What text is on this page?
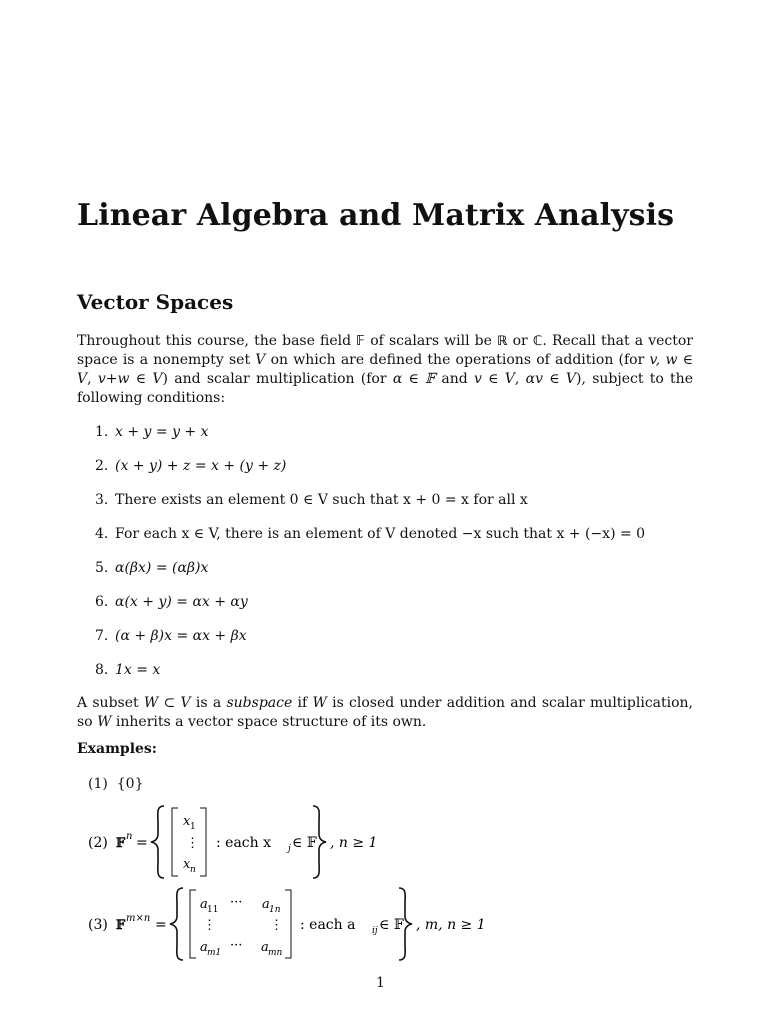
Linear Algebra and Matrix Analysis
Vector Spaces
Throughout this course, the base field 𝔽 of scalars will be ℝ or ℂ. Recall that a vector space is a nonempty set V on which are defined the operations of addition (for v, w ∈ V, v+w ∈ V) and scalar multiplication (for α ∈ 𝔽 and v ∈ V, αv ∈ V), subject to the following conditions:
1. x + y = y + x
2. (x + y) + z = x + (y + z)
3. There exists an element 0 ∈ V such that x + 0 = x for all x
4. For each x ∈ V, there is an element of V denoted −x such that x + (−x) = 0
5. α(βx) = (αβ)x
6. α(x + y) = αx + αy
7. (α + β)x = αx + βx
8. 1x = x
A subset W ⊂ V is a subspace if W is closed under addition and scalar multiplication, so W inherits a vector space structure of its own.
Examples:
(1) {0}
(2) 𝔽 n =
x 1
⋮
x n
: each x j ∈ 𝔽 , n ≥ 1
(3) 𝔽 m×n =
a 11 ··· a 1n
⋮	⋮
a m1 ··· a mn
: each a ij ∈ 𝔽 , m, n ≥ 1
1
